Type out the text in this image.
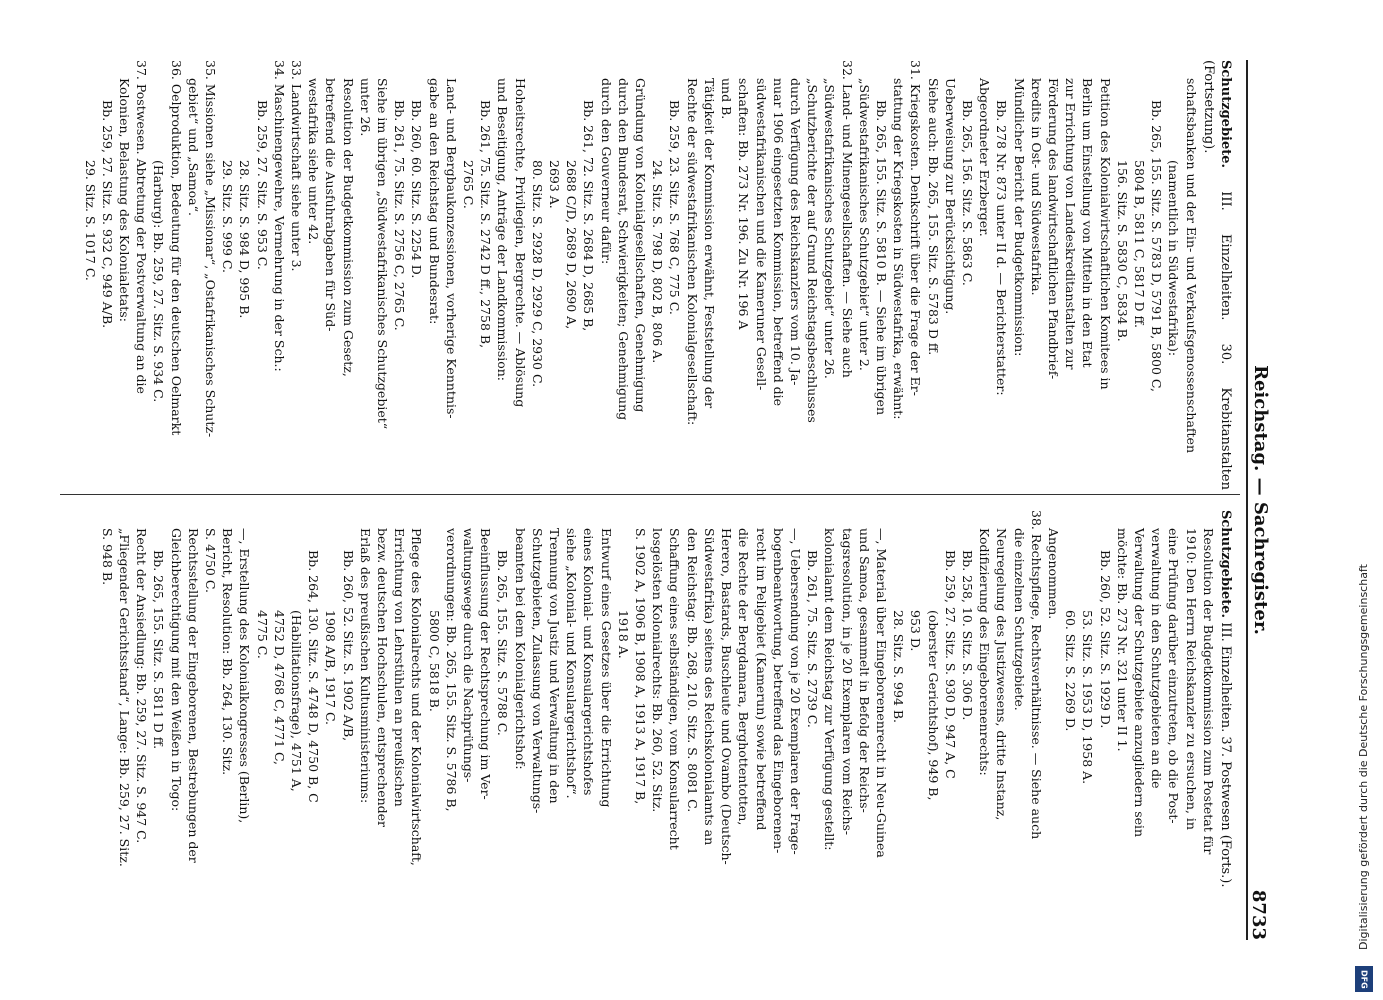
Reichstag. — Sachregister.
8733
Schutzgebiete. III. Einzelheiten. 30. Krebitanstalten (Fortsetzung).
schaftsbanken und der Ein- und Verkaufsgenossenschaften
(namentlich in Südwestafrika):
Bb. 265, 155. Sitz. S. 5783 D, 5791 B, 5800 C,
5804 B, 5811 C, 5817 D ff.
156. Sitz. S. 5830 C, 5834 B.
Petition des Kolonialwirtschaftlichen Komitees in
Berlin um Einstellung von Mitteln in den Etat
zur Errichtung von Landeskreditanstalten zur
Förderung des landwirtschaftlichen Pfandbrief-
kredits in Ost- und Südwestafrika.
Mündlicher Bericht der Budgetkommission:
Bb. 278 Nr. 873 unter II d. — Berichterstatter:
Abgeordneter Erzberger.
Bb. 265, 156. Sitz. S. 5863 C.
Ueberweisung zur Berücksichtigung.
Siehe auch: Bb. 265, 155. Sitz. S. 5783 D ff.
31. Kriegskosten. Denkschrift über die Frage der Er-
stattung der Kriegskosten in Südwestafrika, erwähnt:
Bb. 265, 155. Sitz. S. 5810 B. — Siehe im übrigen
„Südwestafrikanisches Schutzgebiet“ unter 2.
32. Land- und Minengesellschaften. — Siehe auch
„Südwestafrikanisches Schutzgebiet“ unter 26.
„Schutzberichte der auf Grund Reichstagsbeschlusses
durch Verfügung des Reichskanzlers vom 10. Ja-
nuar 1906 eingesetzten Kommission, betreffend die
südwestafrikanischen und die Kameruner Gesell-
schaften: Bb. 273 Nr. 196. Zu Nr. 196 A
und B.
Tätigkeit der Kommission erwähnt, Feststellung der
Rechte der südwestafrikanischen Kolonialgesellschaft:
Bb. 259, 23. Sitz. S. 768 C, 775 C.
24. Sitz. S. 798 D, 802 B, 806 A.
Gründung von Kolonialgesellschaften, Genehmigung
durch den Bundesrat, Schwierigkeiten; Genehmigung
durch den Gouverneur dafür:
Bb. 261, 72. Sitz. S. 2684 D, 2685 B,
2688 C/D, 2689 D, 2690 A,
2693 A.
80. Sitz. S. 2928 D, 2929 C, 2930 C.
Hoheitsrechte, Privilegien, Bergrechte. — Ablösung
und Beseitigung, Anträge der Landkommission:
Bb. 261, 75. Sitz. S. 2742 D ff., 2758 B,
2765 C.
Land- und Bergbaukonzessionen, vorherige Kenntnis-
gabe an den Reichstag und Bundesrat:
Bb. 260, 60. Sitz. S. 2254 D.
Bb. 261, 75. Sitz. S. 2756 C, 2765 C.
Siehe im übrigen „Südwestafrikanisches Schutzgebiet“
unter 26.
Resolution der Budgetkommission zum Gesetz,
betreffend die Ausfuhrabgaben für Süd-
westafrika siehe unter 42.
33. Landwirtschaft siehe unter 3.
34. Maschinengewehre, Vermehrung in der Sch.:
Bb. 259, 27. Sitz. S. 953 C.
28. Sitz. S. 984 D, 995 B.
29. Sitz. S. 999 C.
35. Missionen siehe „Missionar“, „Ostafrikanisches Schutz-
gebiet“ und „Samoa“.
36. Oelproduktion, Bedeutung für den deutschen Oelmarkt
(Harburg): Bb. 259, 27. Sitz. S. 934 C.
37. Postwesen. Abtretung der Postverwaltung an die
Kolonien, Belastung des Kolonialetats:
Bb. 259, 27. Sitz. S. 932 C, 949 A/B.
29. Sitz. S. 1017 C.
Schutzgebiete. III. Einzelheiten. 37. Postwesen (Forts.).
Resolution der Budgetkommission zum Postetat für
1910: Den Herrn Reichskanzler zu ersuchen, in
eine Prüfung darüber einzutreten, ob die Post-
verwaltung in den Schutzgebieten an die
Verwaltung der Schutzgebiete anzugliedern sein
möchte: Bb. 273 Nr. 321 unter II 1.
Bb. 260, 52. Sitz. S. 1929 D.
53. Sitz. S. 1953 D, 1958 A.
60. Sitz. S. 2269 D.
Angenommen.
38. Rechtspflege, Rechtsverhältnisse. — Siehe auch
die einzelnen Schutzgebiete.
Neuregelung des Justizwesens, dritte Instanz,
Kodifizierung des Eingeborenenrechts:
Bb. 258, 10. Sitz. S. 306 D.
Bb. 259, 27. Sitz. S. 930 D, 947 A, C
(oberster Gerichtshof), 949 B,
953 D.
28. Sitz. S. 994 B.
—, Material über Eingeborenenrecht in Neu-Guinea
und Samoa, gesammelt in Befolg der Reichs-
tagsresolution, in je 20 Exemplaren vom Reichs-
kolonialamt dem Reichstag zur Verfügung gestellt:
Bb. 261, 75. Sitz. S. 2739 C.
—, Uebersendung von je 20 Exemplaren der Frage-
bogenbeantwortung, betreffend das Eingeborenen-
recht im Peligebiet (Kamerun) sowie betreffend
die Rechte der Bergdamara, Berghottentotten,
Herero, Bastards, Buschleute und Ovambo (Deutsch-
Südwestafrika) seitens des Reichskolonialamts an
den Reichstag: Bb. 268, 210. Sitz. S. 8081 C.
Schaffung eines selbständigen, vom Konsularrecht
losgelösten Kolonialrechts: Bb. 260, 52. Sitz.
S. 1902 A, 1906 B, 1908 A, 1913 A, 1917 B,
1918 A.
Entwurf eines Gesetzes über die Errichtung
eines Kolonial- und Konsulargerichtshofes
siehe „Kolonial- und Konsulargerichtshof“.
Trennung von Justiz und Verwaltung in den
Schutzgebieten, Zulassung von Verwaltungs-
beamten bei dem Kolonialgerichtshof:
Bb. 265, 155. Sitz. S. 5788 C.
Beeinflussung der Rechtsprechung im Ver-
waltungswege durch die Nachprüfungs-
verordnungen: Bb. 265, 155. Sitz. S. 5786 B,
5800 C, 5818 B.
Pflege des Kolonialrechts und der Kolonialwirtschaft,
Errichtung von Lehrstühlen an preußischen
bezw. deutschen Hochschulen, entsprechender
Erlaß des preußischen Kultusministeriums:
Bb. 260, 52. Sitz. S. 1902 A/B,
1908 A/B, 1917 C.
Bb. 264, 130. Sitz. S. 4748 D, 4750 B, C
(Habilitationsfrage), 4751 A,
4752 D, 4768 C, 4771 C,
4775 C.
—, Erstellung des Kolonialkongresses (Berlin),
Bericht, Resolution: Bb. 264, 130. Sitz.
S. 4750 C.
Rechtsstellung der Eingeborenen, Bestrebungen der
Gleichberechtigung mit den Weißen in Togo:
Bb. 265, 155. Sitz. S. 5811 D ff.
Recht der Ansiedlung: Bb. 259, 27. Sitz. S. 947 C.
„Fliegender Gerichtsstand“, Lange: Bb. 259, 27. Sitz.
S. 948 B.
Digitalisierung gefördert durch die Deutsche Forschungsgemeinschaft
DFG
